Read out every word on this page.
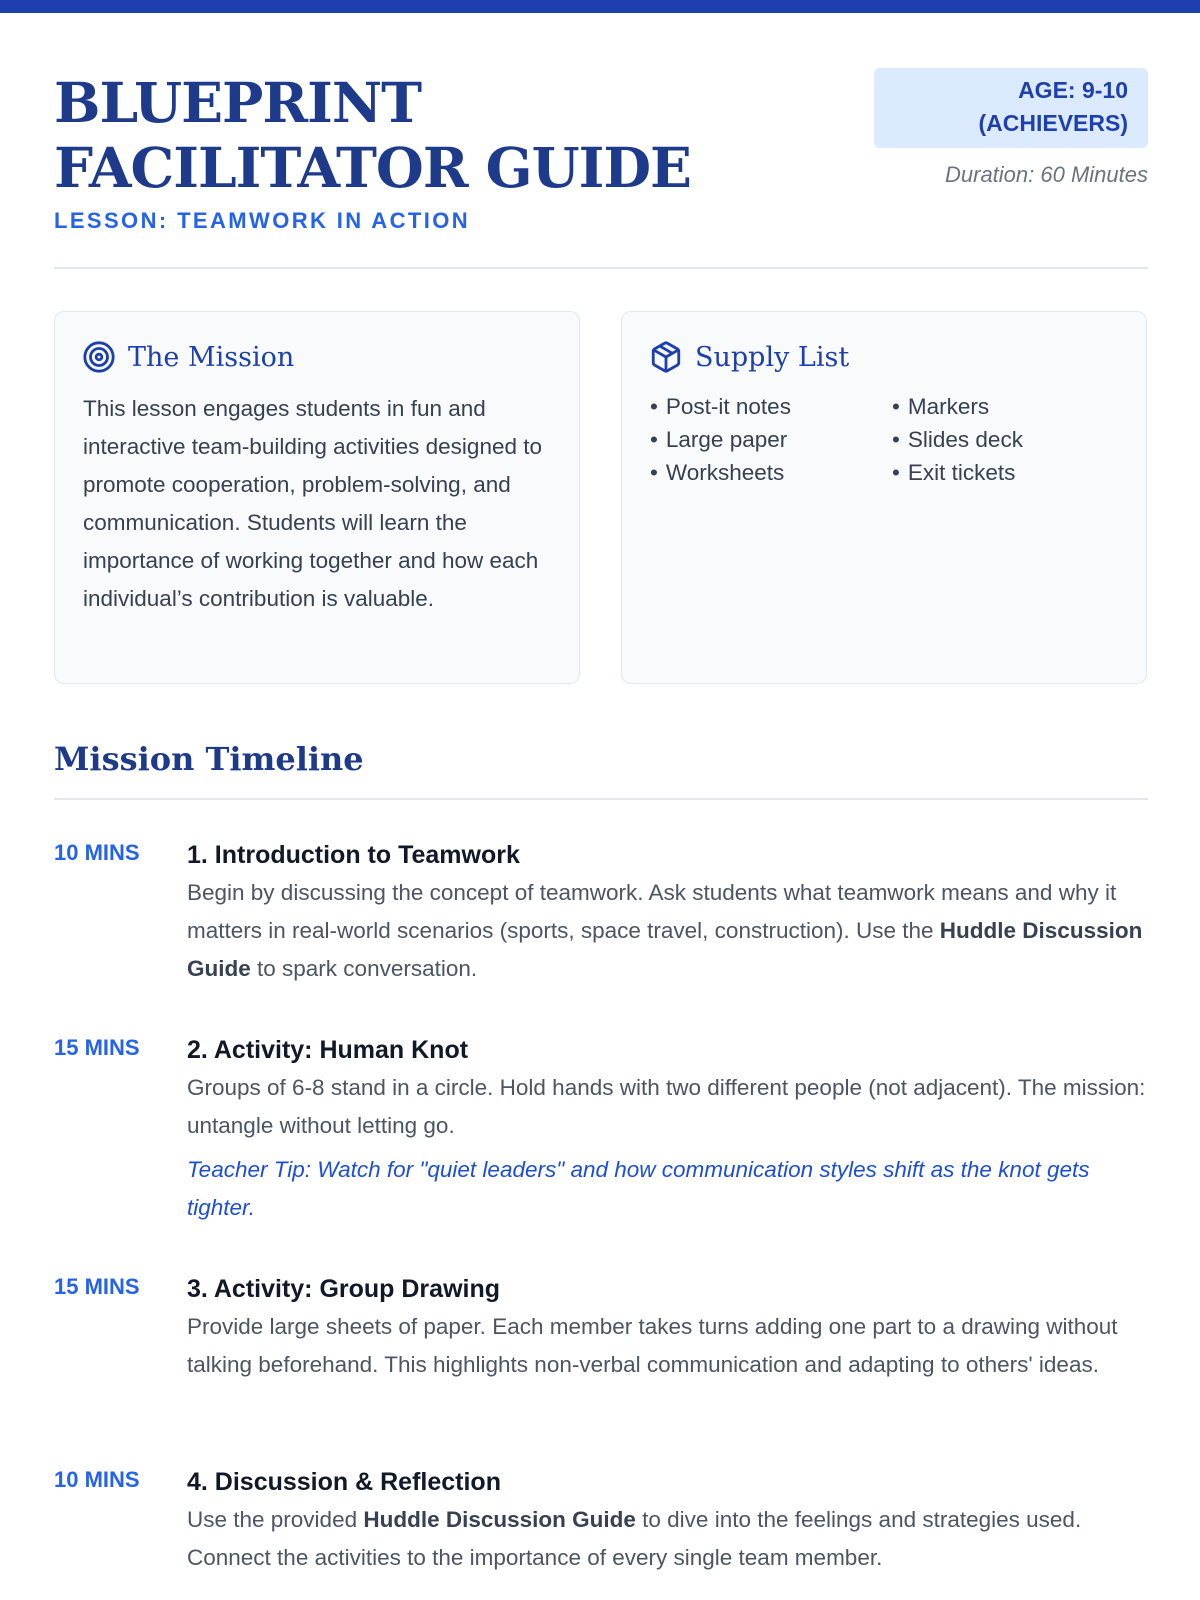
BLUEPRINT FACILITATOR GUIDE
LESSON: TEAMWORK IN ACTION
AGE: 9-10
(ACHIEVERS)
Duration: 60 Minutes
The Mission

This lesson engages students in fun and interactive team-building activities designed to promote cooperation, problem-solving, and communication. Students will learn the importance of working together and how each individual’s contribution is valuable.

Supply List
• Post-it notes
• Large paper
• Worksheets
• Markers
• Slides deck
• Exit tickets
Mission Timeline
10 MINS 1. Introduction to Teamwork

Begin by discussing the concept of teamwork. Ask students what teamwork means and why it matters in real-world scenarios (sports, space travel, construction). Use the Huddle Discussion Guide to spark conversation.

15 MINS 2. Activity: Human Knot

Groups of 6-8 stand in a circle. Hold hands with two different people (not adjacent). The mission: untangle without letting go.

Teacher Tip: Watch for "quiet leaders" and how communication styles shift as the knot gets tighter.

15 MINS 3. Activity: Group Drawing

Provide large sheets of paper. Each member takes turns adding one part to a drawing without talking beforehand. This highlights non-verbal communication and adapting to others' ideas.

10 MINS 4. Discussion & Reflection

Use the provided Huddle Discussion Guide to dive into the feelings and strategies used. Connect the activities to the importance of every single team member.
